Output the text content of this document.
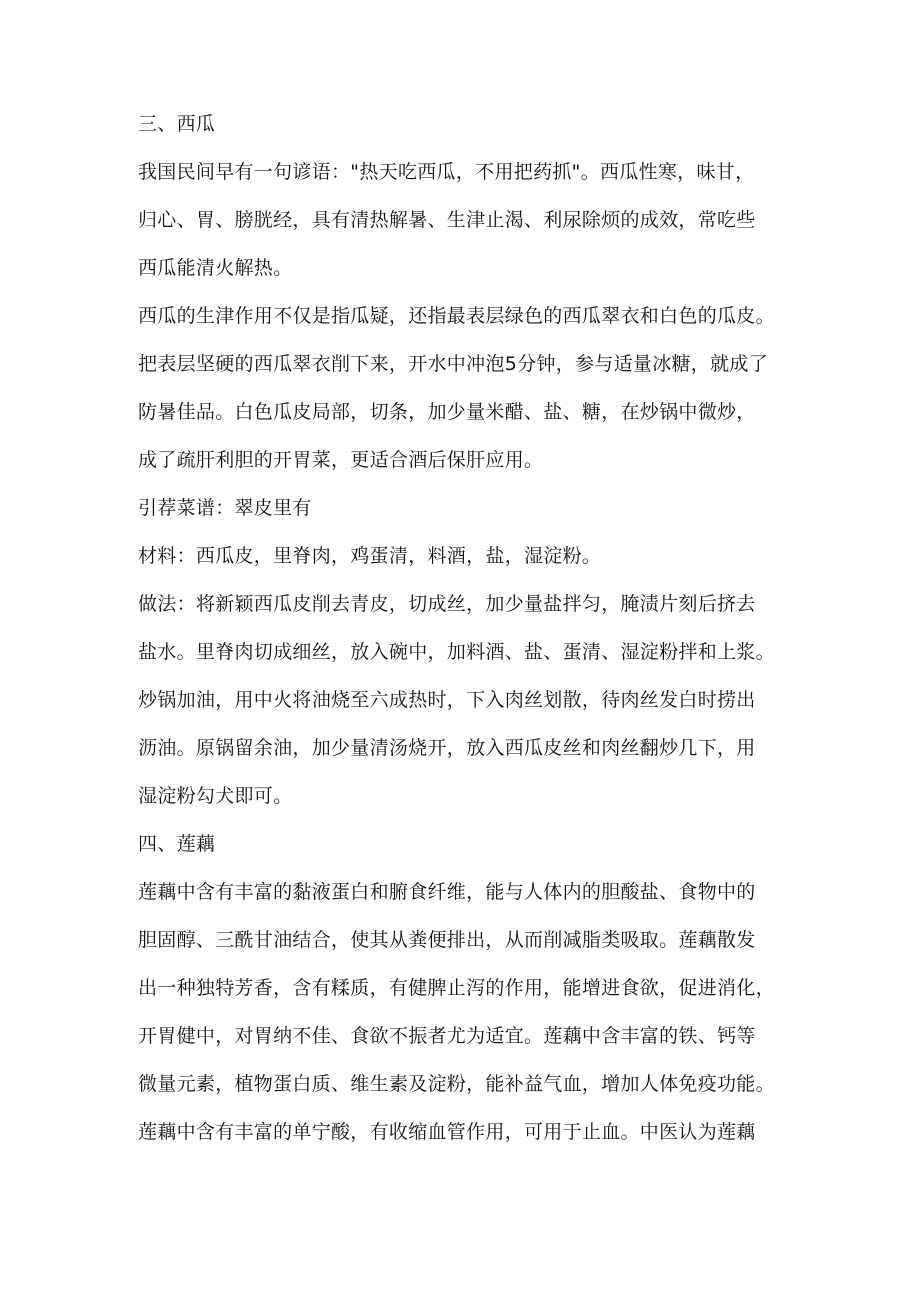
三、西瓜
我国民间早有一句谚语："热天吃西瓜，不用把药抓"。西瓜性寒，味甘，
归心、胃、膀胱经，具有清热解暑、生津止渴、利尿除烦的成效，常吃些
西瓜能清火解热。
西瓜的生津作用不仅是指瓜疑，还指最表层绿色的西瓜翠衣和白色的瓜皮。
把表层坚硬的西瓜翠衣削下来，开水中冲泡5分钟，参与适量冰糖，就成了
防暑佳品。白色瓜皮局部，切条，加少量米醋、盐、糖，在炒锅中微炒，
成了疏肝利胆的开胃菜，更适合酒后保肝应用。
引荐菜谱：翠皮里有
材料：西瓜皮，里脊肉，鸡蛋清，料酒，盐，湿淀粉。
做法：将新颖西瓜皮削去青皮，切成丝，加少量盐拌匀，腌渍片刻后挤去
盐水。里脊肉切成细丝，放入碗中，加料酒、盐、蛋清、湿淀粉拌和上浆。
炒锅加油，用中火将油烧至六成热时，下入肉丝划散，待肉丝发白时捞出
沥油。原锅留余油，加少量清汤烧开，放入西瓜皮丝和肉丝翻炒几下，用
湿淀粉勾犬即可。
四、莲藕
莲藕中含有丰富的黏液蛋白和腑食纤维，能与人体内的胆酸盐、食物中的
胆固醇、三酰甘油结合，使其从粪便排出，从而削减脂类吸取。莲藕散发
出一种独特芳香，含有糅质，有健脾止泻的作用，能增进食欲，促进消化，
开胃健中，对胃纳不佳、食欲不振者尤为适宜。莲藕中含丰富的铁、钙等
微量元素，植物蛋白质、维生素及淀粉，能补益气血，增加人体免疫功能。
莲藕中含有丰富的单宁酸，有收缩血管作用，可用于止血。中医认为莲藕
